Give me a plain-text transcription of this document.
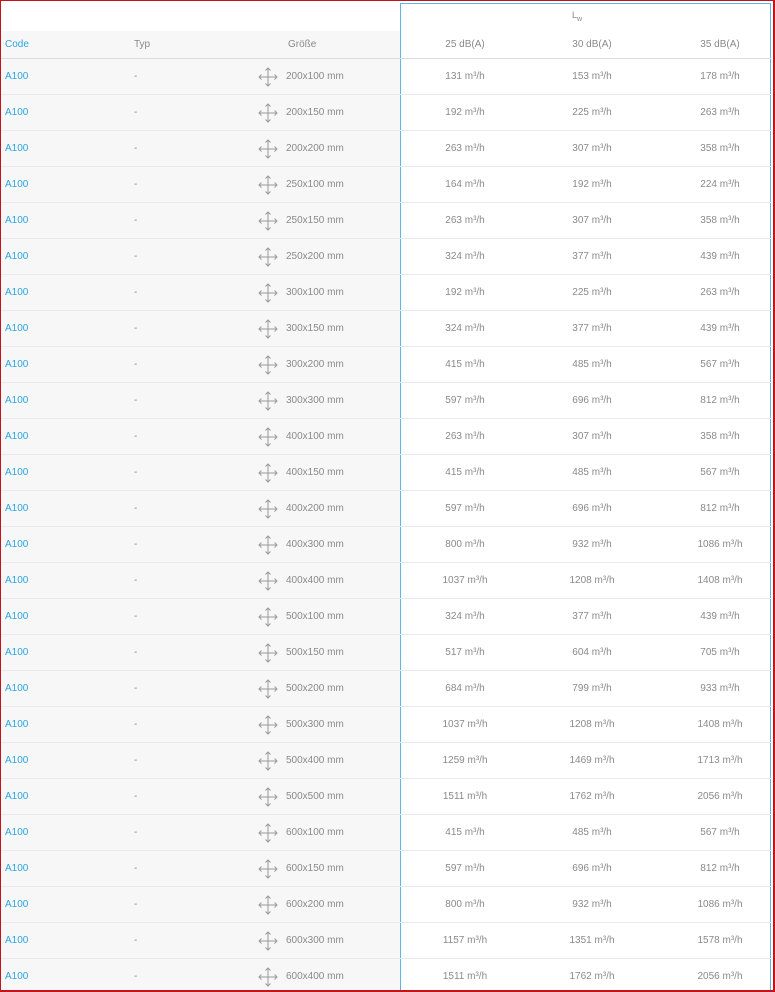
$L_w$
Code	Typ	Größe	25 dB(A)	30 dB(A)	35 dB(A)
A100	-	200x100 mm	131 m³/h	153 m³/h	178 m³/h
A100	-	200x150 mm	192 m³/h	225 m³/h	263 m³/h
A100	-	200x200 mm	263 m³/h	307 m³/h	358 m³/h
A100	-	250x100 mm	164 m³/h	192 m³/h	224 m³/h
A100	-	250x150 mm	263 m³/h	307 m³/h	358 m³/h
A100	-	250x200 mm	324 m³/h	377 m³/h	439 m³/h
A100	-	300x100 mm	192 m³/h	225 m³/h	263 m³/h
A100	-	300x150 mm	324 m³/h	377 m³/h	439 m³/h
A100	-	300x200 mm	415 m³/h	485 m³/h	567 m³/h
A100	-	300x300 mm	597 m³/h	696 m³/h	812 m³/h
A100	-	400x100 mm	263 m³/h	307 m³/h	358 m³/h
A100	-	400x150 mm	415 m³/h	485 m³/h	567 m³/h
A100	-	400x200 mm	597 m³/h	696 m³/h	812 m³/h
A100	-	400x300 mm	800 m³/h	932 m³/h	1086 m³/h
A100	-	400x400 mm	1037 m³/h	1208 m³/h	1408 m³/h
A100	-	500x100 mm	324 m³/h	377 m³/h	439 m³/h
A100	-	500x150 mm	517 m³/h	604 m³/h	705 m³/h
A100	-	500x200 mm	684 m³/h	799 m³/h	933 m³/h
A100	-	500x300 mm	1037 m³/h	1208 m³/h	1408 m³/h
A100	-	500x400 mm	1259 m³/h	1469 m³/h	1713 m³/h
A100	-	500x500 mm	1511 m³/h	1762 m³/h	2056 m³/h
A100	-	600x100 mm	415 m³/h	485 m³/h	567 m³/h
A100	-	600x150 mm	597 m³/h	696 m³/h	812 m³/h
A100	-	600x200 mm	800 m³/h	932 m³/h	1086 m³/h
A100	-	600x300 mm	1157 m³/h	1351 m³/h	1578 m³/h
A100	-	600x400 mm	1511 m³/h	1762 m³/h	2056 m³/h
